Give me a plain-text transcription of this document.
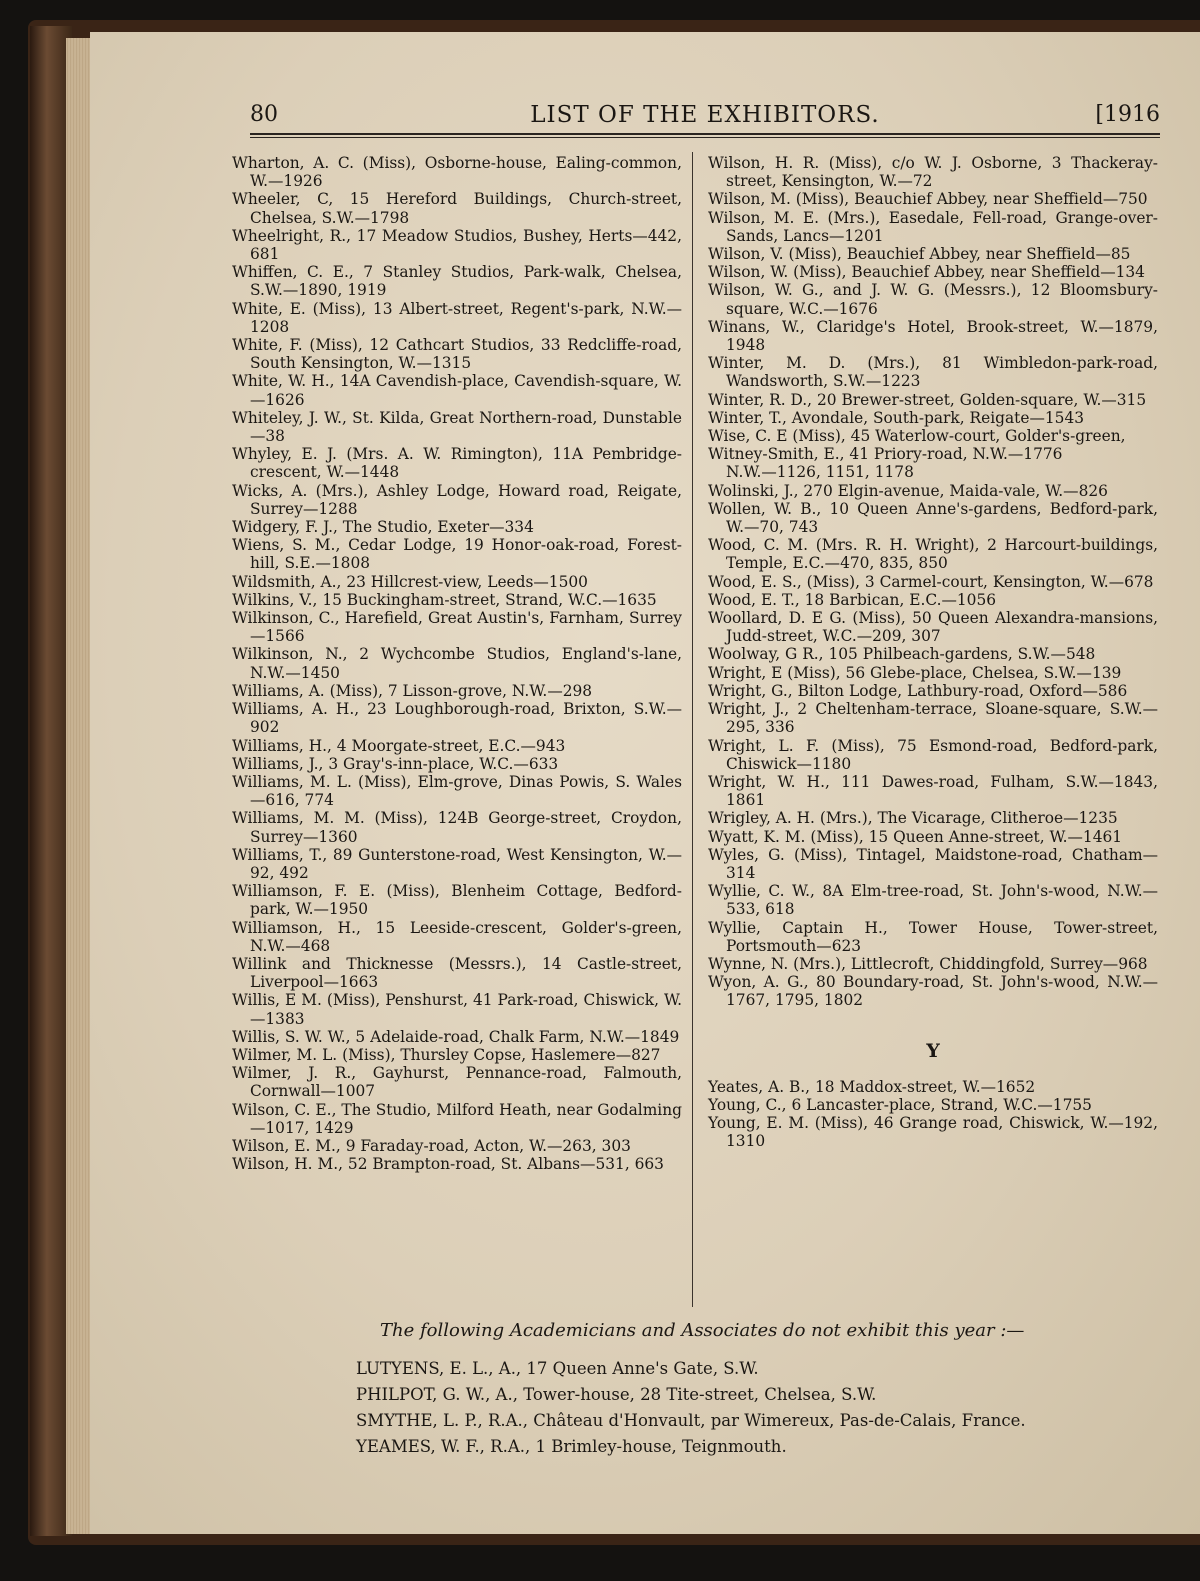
LIST OF THE EXHIBITORS.
80	[1916

Wharton, A. C. (Miss), Osborne-house, Ealing-common, W.—1926

Wheeler, C, 15 Hereford Buildings, Church-street, Chelsea, S.W.—1798

Wheelright, R., 17 Meadow Studios, Bushey, Herts—442, 681

Whiffen, C. E., 7 Stanley Studios, Park-walk, Chelsea, S.W.—1890, 1919

White, E. (Miss), 13 Albert-street, Regent's-park, N.W.—1208

White, F. (Miss), 12 Cathcart Studios, 33 Redcliffe-road, South Kensington, W.—1315

White, W. H., 14A Cavendish-place, Cavendish-square, W.—1626

Whiteley, J. W., St. Kilda, Great Northern-road, Dunstable—38

Whyley, E. J. (Mrs. A. W. Rimington), 11A Pembridge-crescent, W.—1448

Wicks, A. (Mrs.), Ashley Lodge, Howard road, Reigate, Surrey—1288

Widgery, F. J., The Studio, Exeter—334

Wiens, S. M., Cedar Lodge, 19 Honor-oak-road, Forest-hill, S.E.—1808

Wildsmith, A., 23 Hillcrest-view, Leeds—1500

Wilkins, V., 15 Buckingham-street, Strand, W.C.—1635

Wilkinson, C., Harefield, Great Austin's, Farnham, Surrey—1566

Wilkinson, N., 2 Wychcombe Studios, England's-lane, N.W.—1450

Williams, A. (Miss), 7 Lisson-grove, N.W.—298

Williams, A. H., 23 Loughborough-road, Brixton, S.W.—902

Williams, H., 4 Moorgate-street, E.C.—943

Williams, J., 3 Gray's-inn-place, W.C.—633

Williams, M. L. (Miss), Elm-grove, Dinas Powis, S. Wales—616, 774

Williams, M. M. (Miss), 124B George-street, Croydon, Surrey—1360

Williams, T., 89 Gunterstone-road, West Kensington, W.—92, 492

Williamson, F. E. (Miss), Blenheim Cottage, Bedford-park, W.—1950

Williamson, H., 15 Leeside-crescent, Golder's-green, N.W.—468

Willink and Thicknesse (Messrs.), 14 Castle-street, Liverpool—1663

Willis, E M. (Miss), Penshurst, 41 Park-road, Chiswick, W.—1383

Willis, S. W. W., 5 Adelaide-road, Chalk Farm, N.W.—1849

Wilmer, M. L. (Miss), Thursley Copse, Haslemere—827

Wilmer, J. R., Gayhurst, Pennance-road, Falmouth, Cornwall—1007

Wilson, C. E., The Studio, Milford Heath, near Godalming—1017, 1429

Wilson, E. M., 9 Faraday-road, Acton, W.—263, 303

Wilson, H. M., 52 Brampton-road, St. Albans—531, 663

Wilson, H. R. (Miss), c/o W. J. Osborne, 3 Thackeray-street, Kensington, W.—72

Wilson, M. (Miss), Beauchief Abbey, near Sheffield—750

Wilson, M. E. (Mrs.), Easedale, Fell-road, Grange-over-Sands, Lancs—1201

Wilson, V. (Miss), Beauchief Abbey, near Sheffield—85

Wilson, W. (Miss), Beauchief Abbey, near Sheffield—134

Wilson, W. G., and J. W. G. (Messrs.), 12 Bloomsbury-square, W.C.—1676

Winans, W., Claridge's Hotel, Brook-street, W.—1879, 1948

Winter, M. D. (Mrs.), 81 Wimbledon-park-road, Wandsworth, S.W.—1223

Winter, R. D., 20 Brewer-street, Golden-square, W.—315

Winter, T., Avondale, South-park, Reigate—1543

Wise, C. E (Miss), 45 Waterlow-court, Golder's-green,

Witney-Smith, E., 41 Priory-road, N.W.—1776

N.W.—1126, 1151, 1178

Wolinski, J., 270 Elgin-avenue, Maida-vale, W.—826

Wollen, W. B., 10 Queen Anne's-gardens, Bedford-park, W.—70, 743

Wood, C. M. (Mrs. R. H. Wright), 2 Harcourt-buildings, Temple, E.C.—470, 835, 850

Wood, E. S., (Miss), 3 Carmel-court, Kensington, W.—678

Wood, E. T., 18 Barbican, E.C.—1056

Woollard, D. E G. (Miss), 50 Queen Alexandra-mansions, Judd-street, W.C.—209, 307

Woolway, G R., 105 Philbeach-gardens, S.W.—548

Wright, E (Miss), 56 Glebe-place, Chelsea, S.W.—139

Wright, G., Bilton Lodge, Lathbury-road, Oxford—586

Wright, J., 2 Cheltenham-terrace, Sloane-square, S.W.—295, 336

Wright, L. F. (Miss), 75 Esmond-road, Bedford-park, Chiswick—1180

Wright, W. H., 111 Dawes-road, Fulham, S.W.—1843, 1861

Wrigley, A. H. (Mrs.), The Vicarage, Clitheroe—1235

Wyatt, K. M. (Miss), 15 Queen Anne-street, W.—1461

Wyles, G. (Miss), Tintagel, Maidstone-road, Chatham—314

Wyllie, C. W., 8A Elm-tree-road, St. John's-wood, N.W.—533, 618

Wyllie, Captain H., Tower House, Tower-street, Portsmouth—623

Wynne, N. (Mrs.), Littlecroft, Chiddingfold, Surrey—968

Wyon, A. G., 80 Boundary-road, St. John's-wood, N.W.—1767, 1795, 1802

Y

Yeates, A. B., 18 Maddox-street, W.—1652

Young, C., 6 Lancaster-place, Strand, W.C.—1755

Young, E. M. (Miss), 46 Grange road, Chiswick, W.—192, 1310

The following Academicians and Associates do not exhibit this year :—
LUTYENS, E. L., A., 17 Queen Anne's Gate, S.W.
PHILPOT, G. W., A., Tower-house, 28 Tite-street, Chelsea, S.W.
SMYTHE, L. P., R.A., Château d'Honvault, par Wimereux, Pas-de-Calais, France.
YEAMES, W. F., R.A., 1 Brimley-house, Teignmouth.
